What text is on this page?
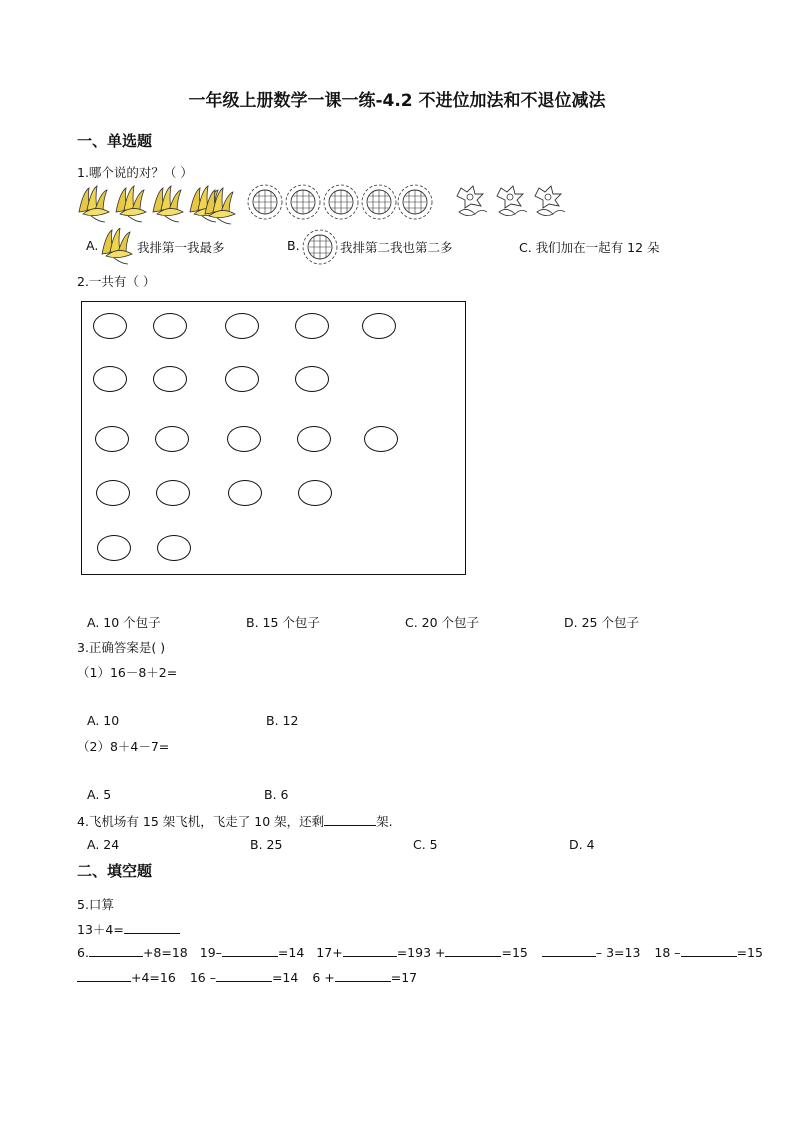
一年级上册数学一课一练-4.2 不进位加法和不退位减法
一、单选题
1.哪个说的对？（ ）
A.	我排第一我最多	B.	我排第二我也第二多	C. 我们加在一起有 12 朵
2.一共有（ ）
A. 10 个包子	B. 15 个包子	C. 20 个包子	D. 25 个包子
3.正确答案是( )
（1）16－8＋2=
A. 10	B. 12
（2）8＋4－7=
A. 5	B. 6
4.飞机场有 15 架飞机，飞走了 10 架，还剩	架.
A. 24	B. 25	C. 5	D. 4
二、填空题
5.口算
13＋4=
6.	+8=18 19–	=14 17+	=193 +	=15	– 3=13 18 –	=15
+4=16 16 –	=14 6 +	=17
